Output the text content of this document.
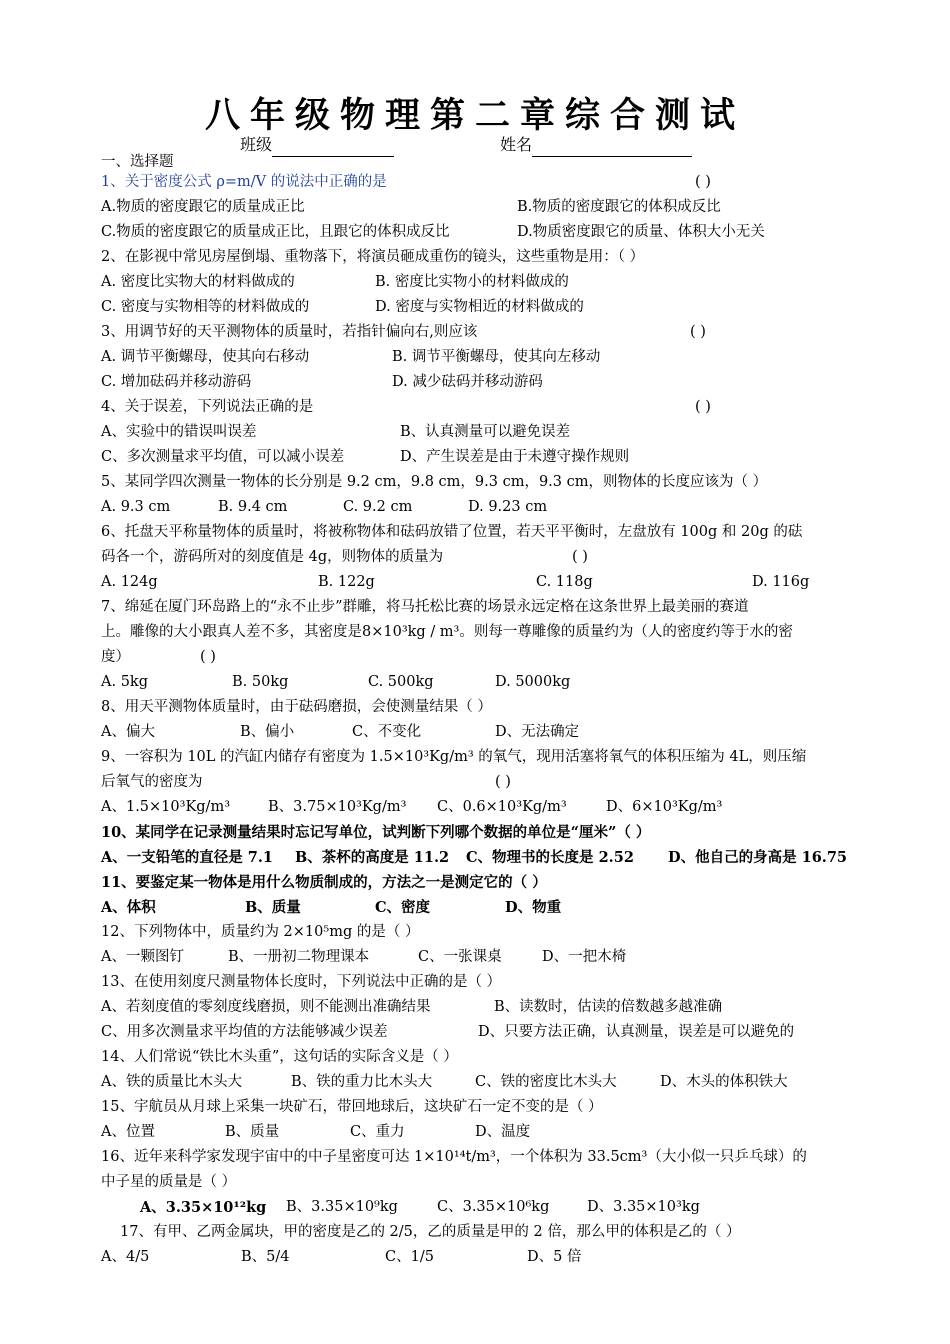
八年级物理第二章综合测试
班级	姓名
一、选择题
1、关于密度公式 ρ=m/V 的说法中正确的是	( )
A.物质的密度跟它的质量成正比	B.物质的密度跟它的体积成反比
C.物质的密度跟它的质量成正比，且跟它的体积成反比	D.物质密度跟它的质量、体积大小无关
2、在影视中常见房屋倒塌、重物落下，将演员砸成重伤的镜头，这些重物是用：（ ）
A. 密度比实物大的材料做成的	B. 密度比实物小的材料做成的
C. 密度与实物相等的材料做成的	D. 密度与实物相近的材料做成的
3、用调节好的天平测物体的质量时，若指针偏向右,则应该	( )
A. 调节平衡螺母，使其向右移动	B. 调节平衡螺母，使其向左移动
C. 增加砝码并移动游码	D. 减少砝码并移动游码
4、关于误差，下列说法正确的是	( )
A、实验中的错误叫误差	B、认真测量可以避免误差
C、多次测量求平均值，可以减小误差	D、产生误差是由于未遵守操作规则
5、某同学四次测量一物体的长分别是 9.2 cm，9.8 cm，9.3 cm，9.3 cm，则物体的长度应该为（ ）
A. 9.3 cm	B. 9.4 cm	C. 9.2 cm	D. 9.23 cm
6、托盘天平称量物体的质量时，将被称物体和砝码放错了位置，若天平平衡时，左盘放有 100g 和 20g 的砝
码各一个，游码所对的刻度值是 4g，则物体的质量为	( )
A. 124g	B. 122g	C. 118g	D. 116g
7、绵延在厦门环岛路上的“永不止步”群雕，将马托松比赛的场景永远定格在这条世界上最美丽的赛道
上。雕像的大小跟真人差不多，其密度是8×10³kg / m³。则每一尊雕像的质量约为（人的密度约等于水的密
度）	( )
A. 5kg	B. 50kg	C. 500kg	D. 5000kg
8、用天平测物体质量时，由于砝码磨损，会使测量结果（ ）
A、偏大	B、偏小	C、不变化	D、无法确定
9、一容积为 10L 的汽缸内储存有密度为 1.5×10³Kg/m³ 的氧气，现用活塞将氧气的体积压缩为 4L，则压缩
后氧气的密度为	( )
A、1.5×10³Kg/m³	B、3.75×10³Kg/m³ C、0.6×10³Kg/m³	D、6×10³Kg/m³
10、某同学在记录测量结果时忘记写单位，试判断下列哪个数据的单位是“厘米”（ ）
A、一支铅笔的直径是 7.1 B、茶杯的高度是 11.2 C、物理书的长度是 2.52 D、他自己的身高是 16.75
11、要鉴定某一物体是用什么物质制成的，方法之一是测定它的（ ）
A、体积	B、质量	C、密度	D、物重
12、下列物体中，质量约为 2×10⁵mg 的是（ ）
A、一颗图钉	B、一册初二物理课本	C、一张课桌	D、一把木椅
13、在使用刻度尺测量物体长度时，下列说法中正确的是（ ）
A、若刻度值的零刻度线磨损，则不能测出准确结果	B、读数时，估读的倍数越多越准确
C、用多次测量求平均值的方法能够减少误差	D、只要方法正确，认真测量，误差是可以避免的
14、人们常说“铁比木头重”，这句话的实际含义是（ ）
A、铁的质量比木头大	B、铁的重力比木头大	C、铁的密度比木头大	D、木头的体积铁大
15、宇航员从月球上采集一块矿石，带回地球后，这块矿石一定不变的是（ ）
A、位置	B、质量	C、重力	D、温度
16、近年来科学家发现宇宙中的中子星密度可达 1×10¹⁴t/m³，一个体积为 33.5cm³（大小似一只乒乓球）的
中子星的质量是（ ）
A、3.35×10¹²kg B、3.35×10⁹kg	C、3.35×10⁶kg	D、3.35×10³kg
17、有甲、乙两金属块，甲的密度是乙的 2/5，乙的质量是甲的 2 倍，那么甲的体积是乙的（ ）
A、4/5	B、5/4	C、1/5	D、5 倍
